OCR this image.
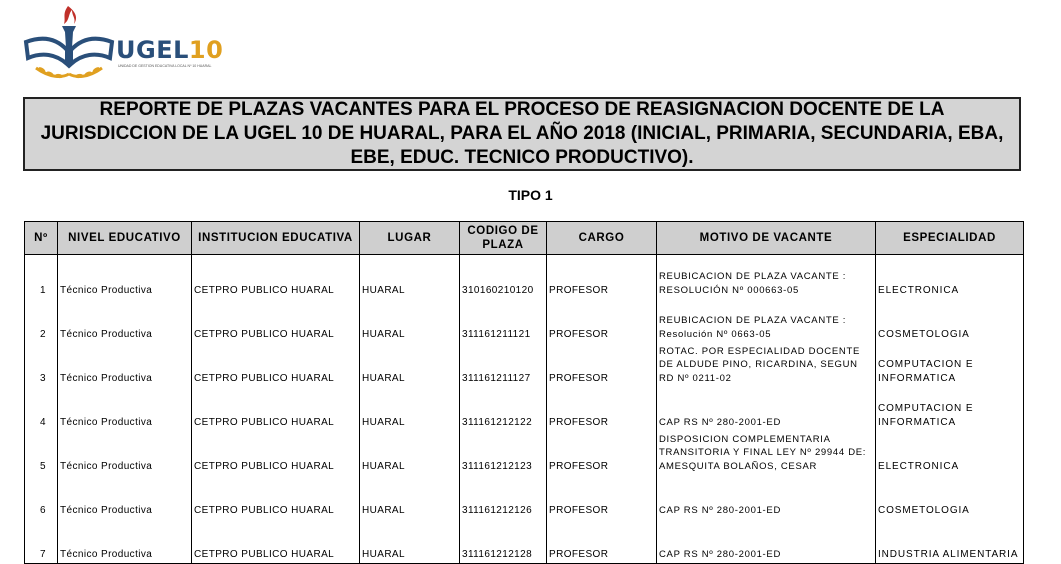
UGEL10
UNIDAD DE GESTION EDUCATIVA LOCAL Nº 10 HUARAL

REPORTE DE PLAZAS VACANTES PARA EL PROCESO DE REASIGNACION DOCENTE DE LA JURISDICCION DE LA UGEL 10 DE HUARAL, PARA EL AÑO 2018 (INICIAL, PRIMARIA, SECUNDARIA, EBA, EBE, EDUC. TECNICO PRODUCTIVO).

TIPO 1
Nº	NIVEL EDUCATIVO	INSTITUCION EDUCATIVA	LUGAR	CODIGO DE PLAZA	CARGO	MOTIVO DE VACANTE	ESPECIALIDAD
1	Técnico Productiva	CETPRO PUBLICO HUARAL	HUARAL	310160210120	PROFESOR	REUBICACION DE PLAZA VACANTE : RESOLUCIÓN Nº 000663-05	ELECTRONICA
2	Técnico Productiva	CETPRO PUBLICO HUARAL	HUARAL	311161211121	PROFESOR	REUBICACION DE PLAZA VACANTE : Resolución Nº 0663-05	COSMETOLOGIA
3	Técnico Productiva	CETPRO PUBLICO HUARAL	HUARAL	311161211127	PROFESOR	ROTAC. POR ESPECIALIDAD DOCENTE DE ALDUDE PINO, RICARDINA, SEGUN RD Nº 0211-02	COMPUTACION E INFORMATICA
4	Técnico Productiva	CETPRO PUBLICO HUARAL	HUARAL	311161212122	PROFESOR	CAP RS Nº 280-2001-ED	COMPUTACION E INFORMATICA
5	Técnico Productiva	CETPRO PUBLICO HUARAL	HUARAL	311161212123	PROFESOR	DISPOSICION COMPLEMENTARIA TRANSITORIA Y FINAL LEY Nº 29944 DE: AMESQUITA BOLAÑOS, CESAR	ELECTRONICA
6	Técnico Productiva	CETPRO PUBLICO HUARAL	HUARAL	311161212126	PROFESOR	CAP RS Nº 280-2001-ED	COSMETOLOGIA
7	Técnico Productiva	CETPRO PUBLICO HUARAL	HUARAL	311161212128	PROFESOR	CAP RS Nº 280-2001-ED	INDUSTRIA ALIMENTARIA
